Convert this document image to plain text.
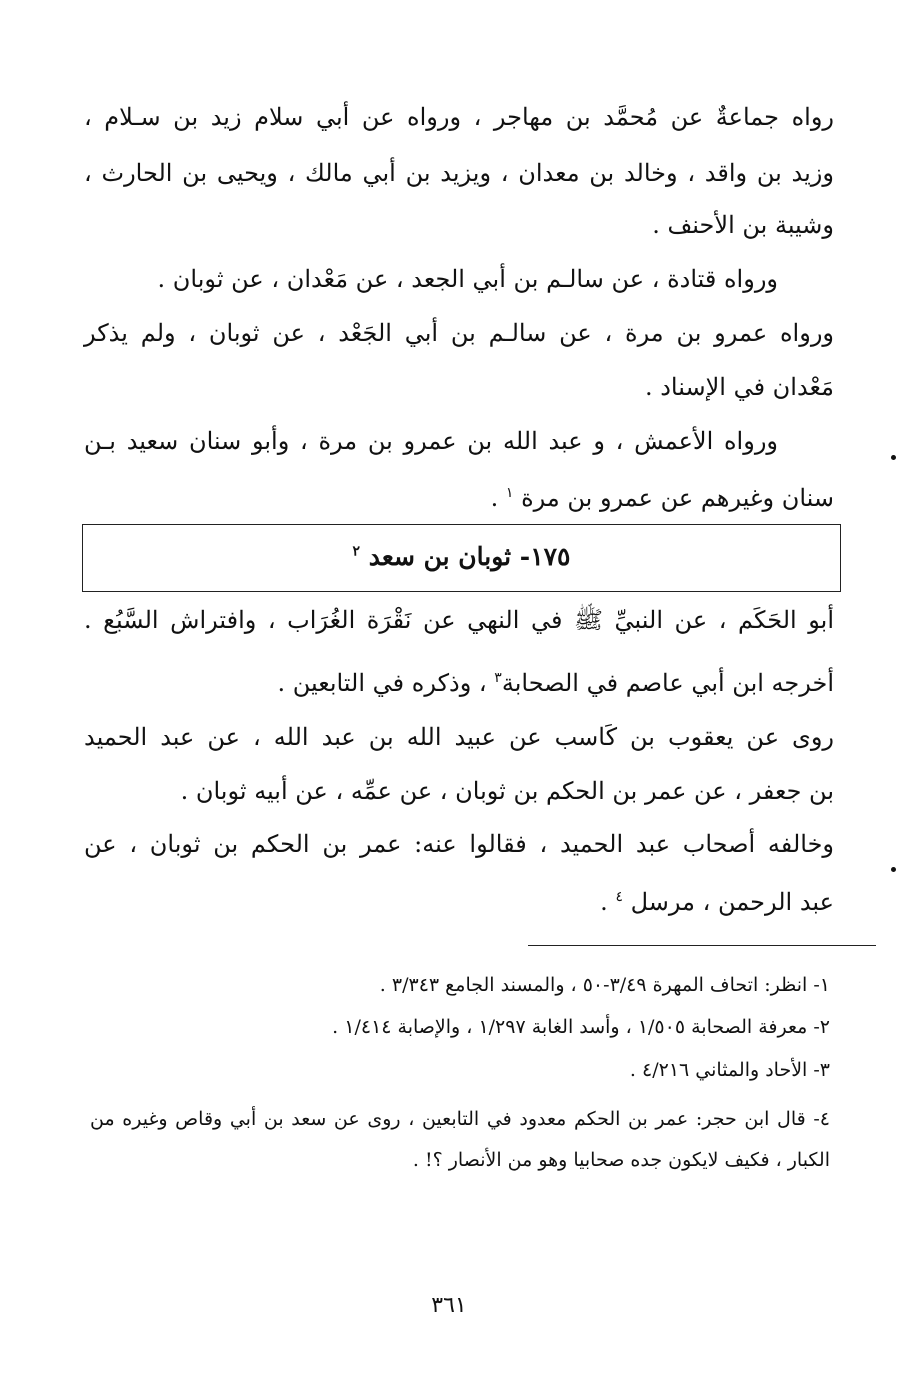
رواه جماعةٌ عن مُحمَّد بن مهاجر ، ورواه عن أبي سلام زيد بن سـلام ،
وزيد بن واقد ، وخالد بن معدان ، ويزيد بن أبي مالك ، ويحيى بن الحارث ،
وشيبة بن الأحنف .
ورواه قتادة ، عن سالـم بن أبي الجعد ، عن مَعْدان ، عن ثوبان .
ورواه عمرو بن مرة ، عن سالـم بن أبي الجَعْد ، عن ثوبان ، ولم يذكر
مَعْدان في الإسناد .
ورواه الأعمش ، و عبد الله بن عمرو بن مرة ، وأبو سنان سعيد بـن
سنان وغيرهم عن عمرو بن مرة $^١$ .
١٧٥- ثوبان بن سعد $^٢$
أبو الحَكَم ، عن النبيِّ ﷺ في النهي عن نَقْرَة الغُرَاب ، وافتراش السَّبُع .
أخرجه ابن أبي عاصم في الصحابة$^٣$ ، وذكره في التابعين .
روى عن يعقوب بن كَاسب عن عبيد الله بن عبد الله ، عن عبد الحميد
بن جعفر ، عن عمر بن الحكم بن ثوبان ، عن عمِّه ، عن أبيه ثوبان .
وخالفه أصحاب عبد الحميد ، فقالوا عنه: عمر بن الحكم بن ثوبان ، عن
عبد الرحمن ، مرسل $^٤$ .
١- انظر: اتحاف المهرة ٣/٤٩-٥٠ ، والمسند الجامع ٣/٣٤٣ .
٢- معرفة الصحابة ١/٥٠٥ ، وأسد الغابة ١/٢٩٧ ، والإصابة ١/٤١٤ .
٣- الأحاد والمثاني ٤/٢١٦ .
٤- قال ابن حجر: عمر بن الحكم معدود في التابعين ، روى عن سعد بن أبي وقاص وغيره من
الكبار ، فكيف لايكون جده صحابيا وهو من الأنصار ؟! .
٣٦١
